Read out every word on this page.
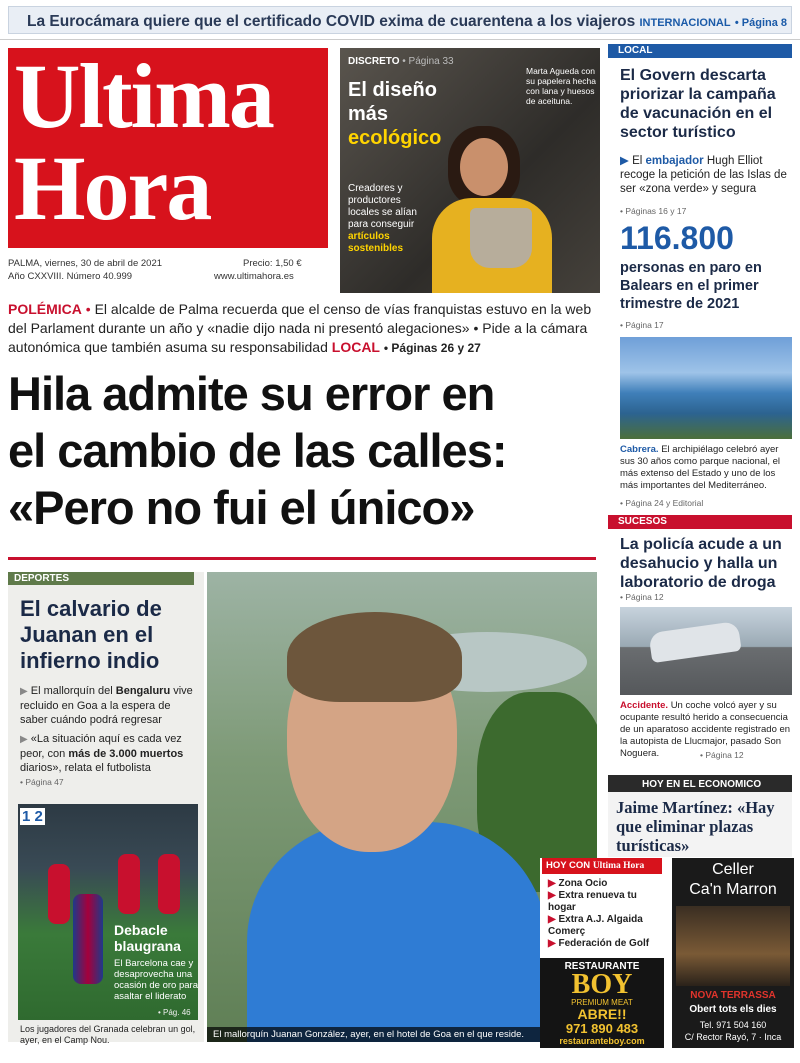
La Eurocámara quiere que el certificado COVID exima de cuarentena a los viajeros INTERNACIONAL • Página 8
Ultima
Hora
PALMA, viernes, 30 de abril de 2021
Año CXXVIII. Número 40.999
Precio: 1,50 €
www.ultimahora.es
DISCRETO • Página 33
El diseño más
ecológico
Creadores y productores locales se alían para conseguir artículos sostenibles
Marta Agueda con su papelera hecha con lana y huesos de aceituna.
POLÉMICA • El alcalde de Palma recuerda que el censo de vías franquistas estuvo en la web del Parlament durante un año y «nadie dijo nada ni presentó alegaciones» • Pide a la cámara autonómica que también asuma su responsabilidad LOCAL • Páginas 26 y 27
Hila admite su error en
el cambio de las calles:
«Pero no fui el único»
DEPORTES
El calvario de Juanan en el infierno indio
▶ El mallorquín del Bengaluru vive recluido en Goa a la espera de saber cuándo podrá regresar
▶ «La situación aquí es cada vez peor, con más de 3.000 muertos diarios», relata el futbolista
• Página 47
1 2
Debacle blaugrana
El Barcelona cae y desaprovecha una ocasión de oro para asaltar el liderato
• Pág. 46
Los jugadores del Granada celebran un gol, ayer, en el Camp Nou.	El mallorquín Juanan González, ayer, en el hotel de Goa en el que reside.
LOCAL
El Govern descarta priorizar la campaña de vacunación en el sector turístico
▶ El embajador Hugh Elliot recoge la petición de las Islas de ser «zona verde» y segura
• Páginas 16 y 17
116.800
personas en paro en Balears en el primer trimestre de 2021
• Página 17
Cabrera. El archipiélago celebró ayer sus 30 años como parque nacional, el más extenso del Estado y uno de los más importantes del Mediterráneo.
• Página 24 y Editorial
SUCESOS
La policía acude a un desahucio y halla un laboratorio de droga
• Página 12
Accidente. Un coche volcó ayer y su ocupante resultó herido a consecuencia de un aparatoso accidente registrado en la autopista de Llucmajor, pasado Son Noguera.	• Página 12
HOY EN EL ECONOMICO
Jaime Martínez: «Hay que eliminar plazas turísticas»
HOY CON Ultima Hora
▶ Zona Ocio
▶ Extra renueva tu hogar
▶ Extra A.J. Algaida Comerç
▶ Federación de Golf
RESTAURANTE
BOY
PREMIUM MEAT
ABRE!!
971 890 483
restauranteboy.com
Celler
Ca'n Marron
NOVA TERRASSA
Obert tots els dies
Tel. 971 504 160
C/ Rector Rayó, 7 · Inca
